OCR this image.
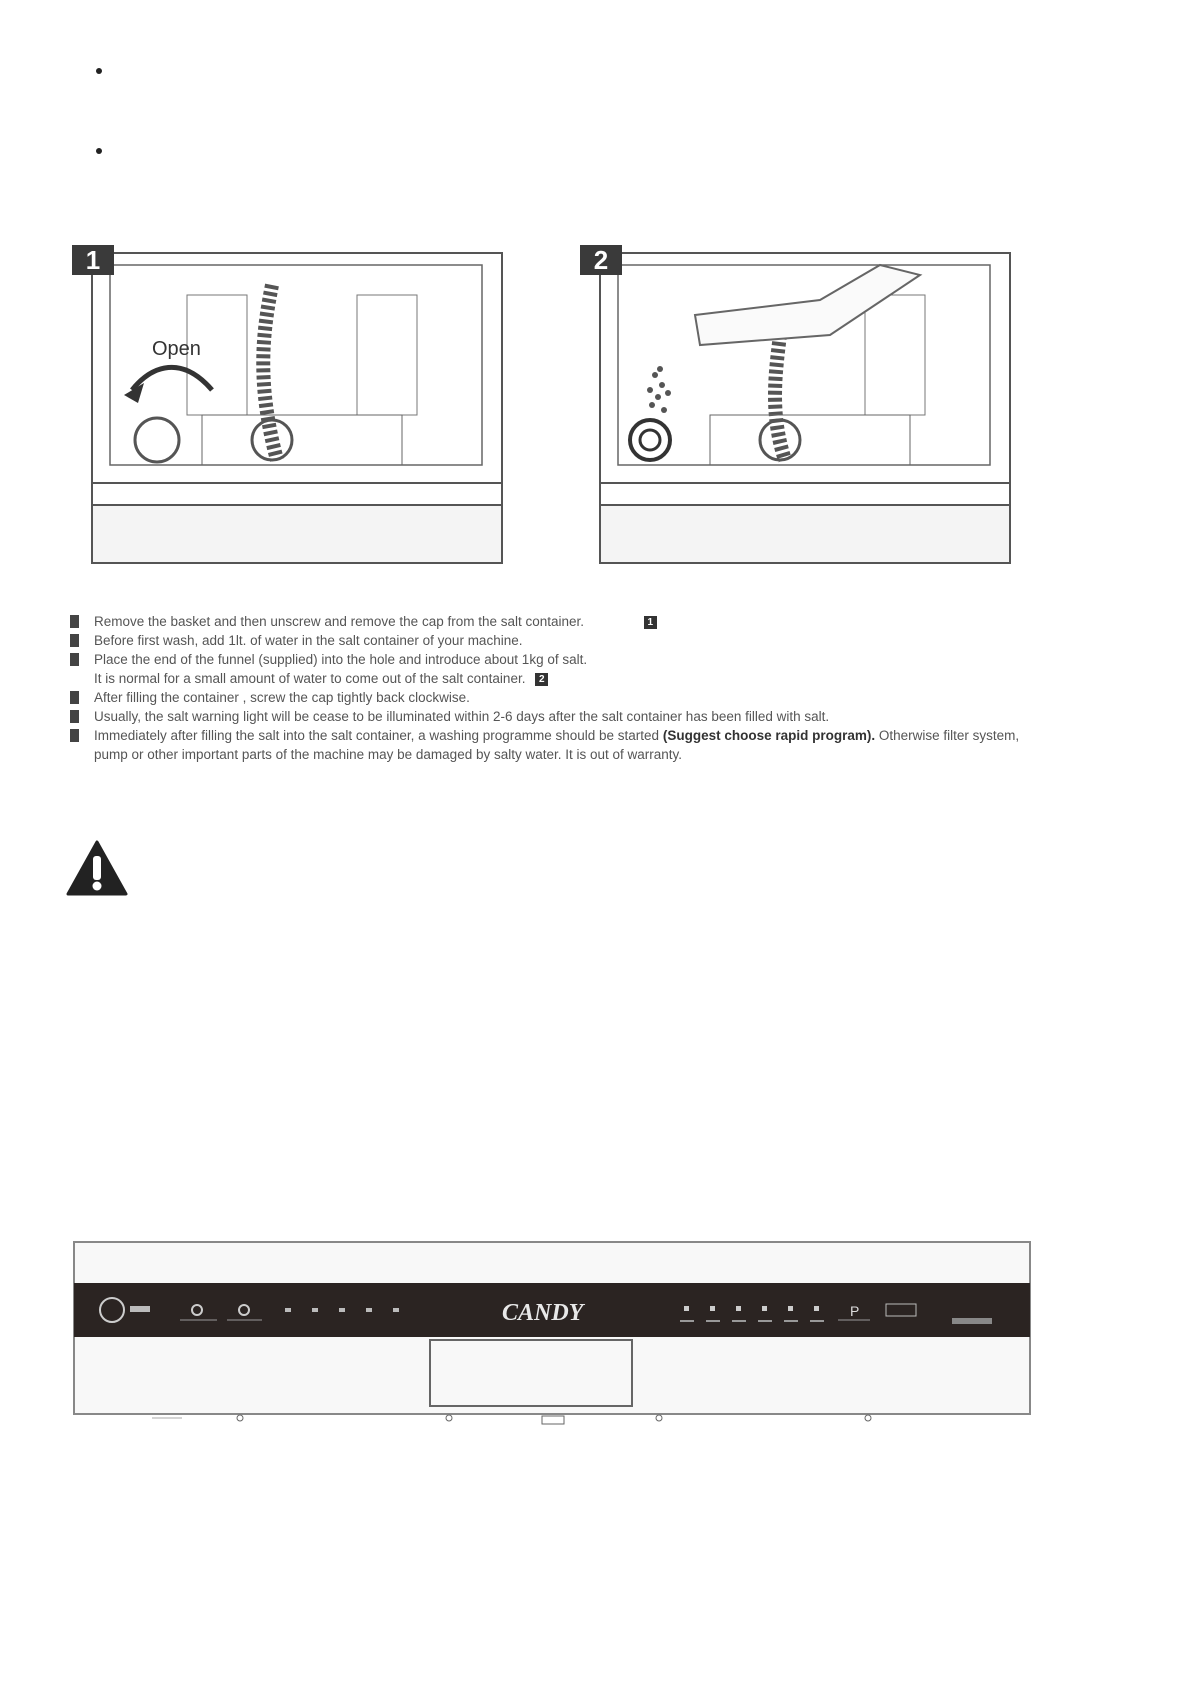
Open
1	2
Remove the basket and then unscrew and remove the cap from the salt container.	1
Before first wash, add 1lt. of water in the salt container of your machine.
Place the end of the funnel (supplied) into the hole and introduce about 1kg of salt.
It is normal for a small amount of water to come out of the salt container. 2
After filling the container , screw the cap tightly back clockwise.
Usually, the salt warning light will be cease to be illuminated within 2-6 days after the salt container has been filled with salt.
Immediately after filling the salt into the salt container, a washing programme should be started (Suggest choose rapid program). Otherwise filter system, pump or other important parts of the machine may be damaged by salty water. It is out of warranty.
CANDY	P
